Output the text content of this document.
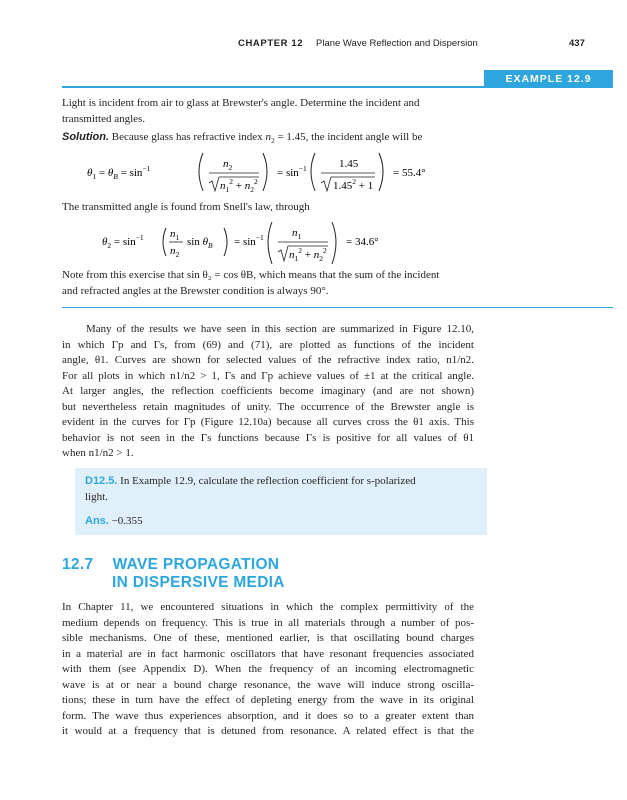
CHAPTER 12 Plane Wave Reflection and Dispersion	437
EXAMPLE 12.9
Light is incident from air to glass at Brewster's angle. Determine the incident and
transmitted angles.
Solution. Because glass has refractive index $n_2 = 1.45$, the incident angle will be
$\theta_1 = \theta_B = \sin^{-1}$	$n_2$
$n_1^2 + n_2^2$
= $\sin^{-1}$	1.45
$1.45^2 + 1$
= 55.4°
The transmitted angle is found from Snell's law, through
$\theta_2 = \sin^{-1} n_1$
$n_2$
$\sin \theta_B = \sin^{-1}$	$n_1$
$n_1^2 + n_2^2$
= 34.6°
Note from this exercise that sin θ₂ = cos θB, which means that the sum of the incident
and refracted angles at the Brewster condition is always 90°.
Many of the results we have seen in this section are summarized in Figure 12.10,
in which Γp and Γs, from (69) and (71), are plotted as functions of the incident
angle, θ1. Curves are shown for selected values of the refractive index ratio, n1/n2.
For all plots in which n1/n2 > 1, Γs and Γp achieve values of ±1 at the critical angle.
At larger angles, the reflection coefficients become imaginary (and are not shown)
but nevertheless retain magnitudes of unity. The occurrence of the Brewster angle is
evident in the curves for Γp (Figure 12.10a) because all curves cross the θ1 axis. This
behavior is not seen in the Γs functions because Γs is positive for all values of θ1
when n1/n2 > 1.
D12.5. In Example 12.9, calculate the reflection coefficient for s-polarized
light.
Ans. −0.355
12.7 WAVE PROPAGATION
IN DISPERSIVE MEDIA
In Chapter 11, we encountered situations in which the complex permittivity of the
medium depends on frequency. This is true in all materials through a number of pos-
sible mechanisms. One of these, mentioned earlier, is that oscillating bound charges
in a material are in fact harmonic oscillators that have resonant frequencies associated
with them (see Appendix D). When the frequency of an incoming electromagnetic
wave is at or near a bound charge resonance, the wave will induce strong oscilla-
tions; these in turn have the effect of depleting energy from the wave in its original
form. The wave thus experiences absorption, and it does so to a greater extent than
it would at a frequency that is detuned from resonance. A related effect is that the
